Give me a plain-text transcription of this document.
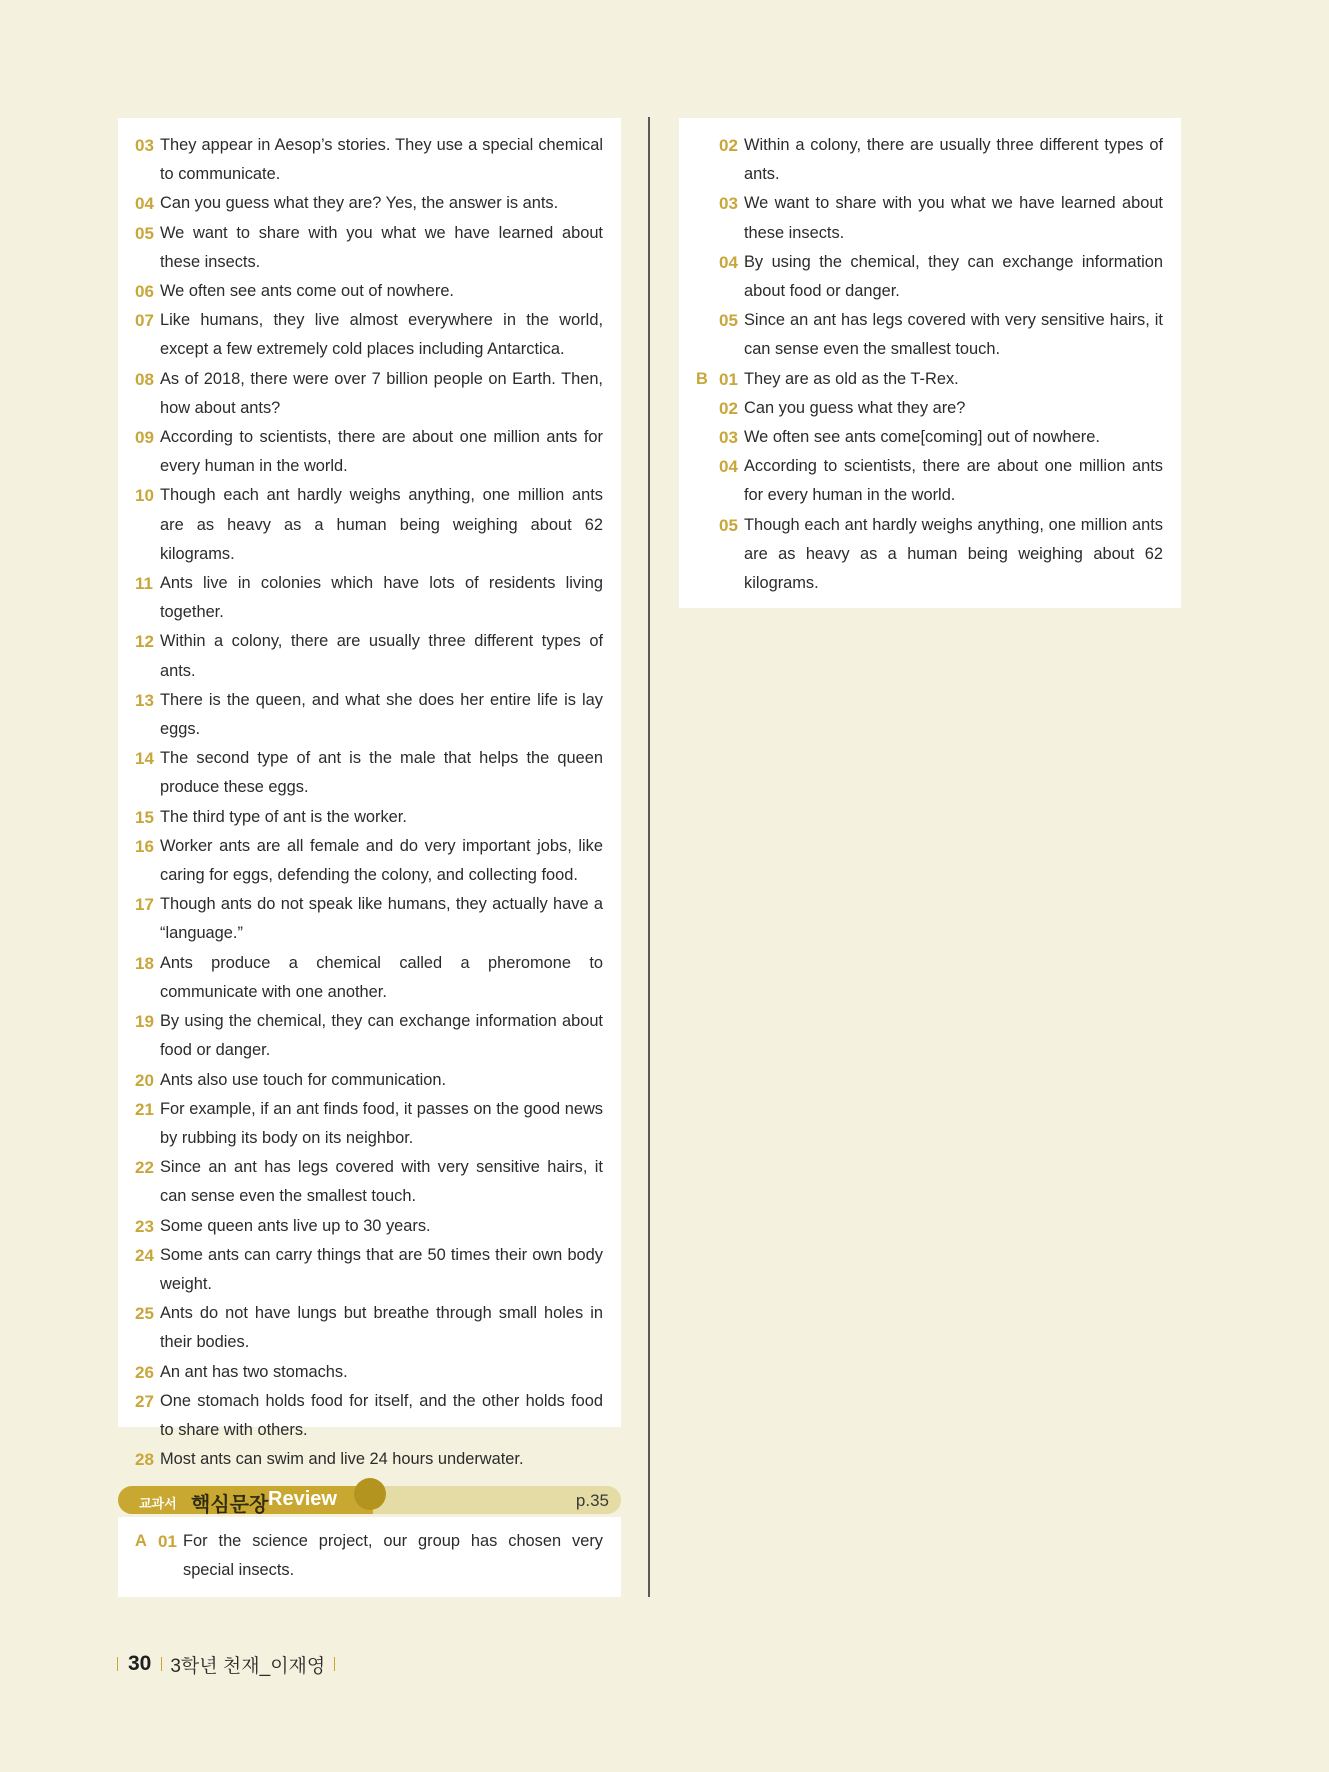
03 They appear in Aesop’s stories. They use a special chemical to communicate.
04 Can you guess what they are? Yes, the answer is ants.
05 We want to share with you what we have learned about these insects.
06 We often see ants come out of nowhere.
07 Like humans, they live almost everywhere in the world, except a few extremely cold places including Antarctica.
08 As of 2018, there were over 7 billion people on Earth. Then, how about ants?
09 According to scientists, there are about one million ants for every human in the world.
10 Though each ant hardly weighs anything, one million ants are as heavy as a human being weighing about 62 kilograms.
11 Ants live in colonies which have lots of residents living together.
12 Within a colony, there are usually three different types of ants.
13 There is the queen, and what she does her entire life is lay eggs.
14 The second type of ant is the male that helps the queen produce these eggs.
15 The third type of ant is the worker.
16 Worker ants are all female and do very important jobs, like caring for eggs, defending the colony, and collecting food.
17 Though ants do not speak like humans, they actually have a “language.”
18 Ants produce a chemical called a pheromone to communicate with one another.
19 By using the chemical, they can exchange information about food or danger.
20 Ants also use touch for communication.
21 For example, if an ant finds food, it passes on the good news by rubbing its body on its neighbor.
22 Since an ant has legs covered with very sensitive hairs, it can sense even the smallest touch.
23 Some queen ants live up to 30 years.
24 Some ants can carry things that are 50 times their own body weight.
25 Ants do not have lungs but breathe through small holes in their bodies.
26 An ant has two stomachs.
27 One stomach holds food for itself, and the other holds food to share with others.
28 Most ants can swim and live 24 hours underwater.
02 Within a colony, there are usually three different types of ants.
03 We want to share with you what we have learned about these insects.
04 By using the chemical, they can exchange information about food or danger.
05 Since an ant has legs covered with very sensitive hairs, it can sense even the smallest touch.
B 01 They are as old as the T-Rex.
02 Can you guess what they are?
03 We often see ants come[coming] out of nowhere.
04 According to scientists, there are about one million ants for every human in the world.
05 Though each ant hardly weighs anything, one million ants are as heavy as a human being weighing about 62 kilograms.
교과서 핵심문장 Review	p.35
A 01 For the science project, our group has chosen very special insects.
30 3학년 천재_이재영
